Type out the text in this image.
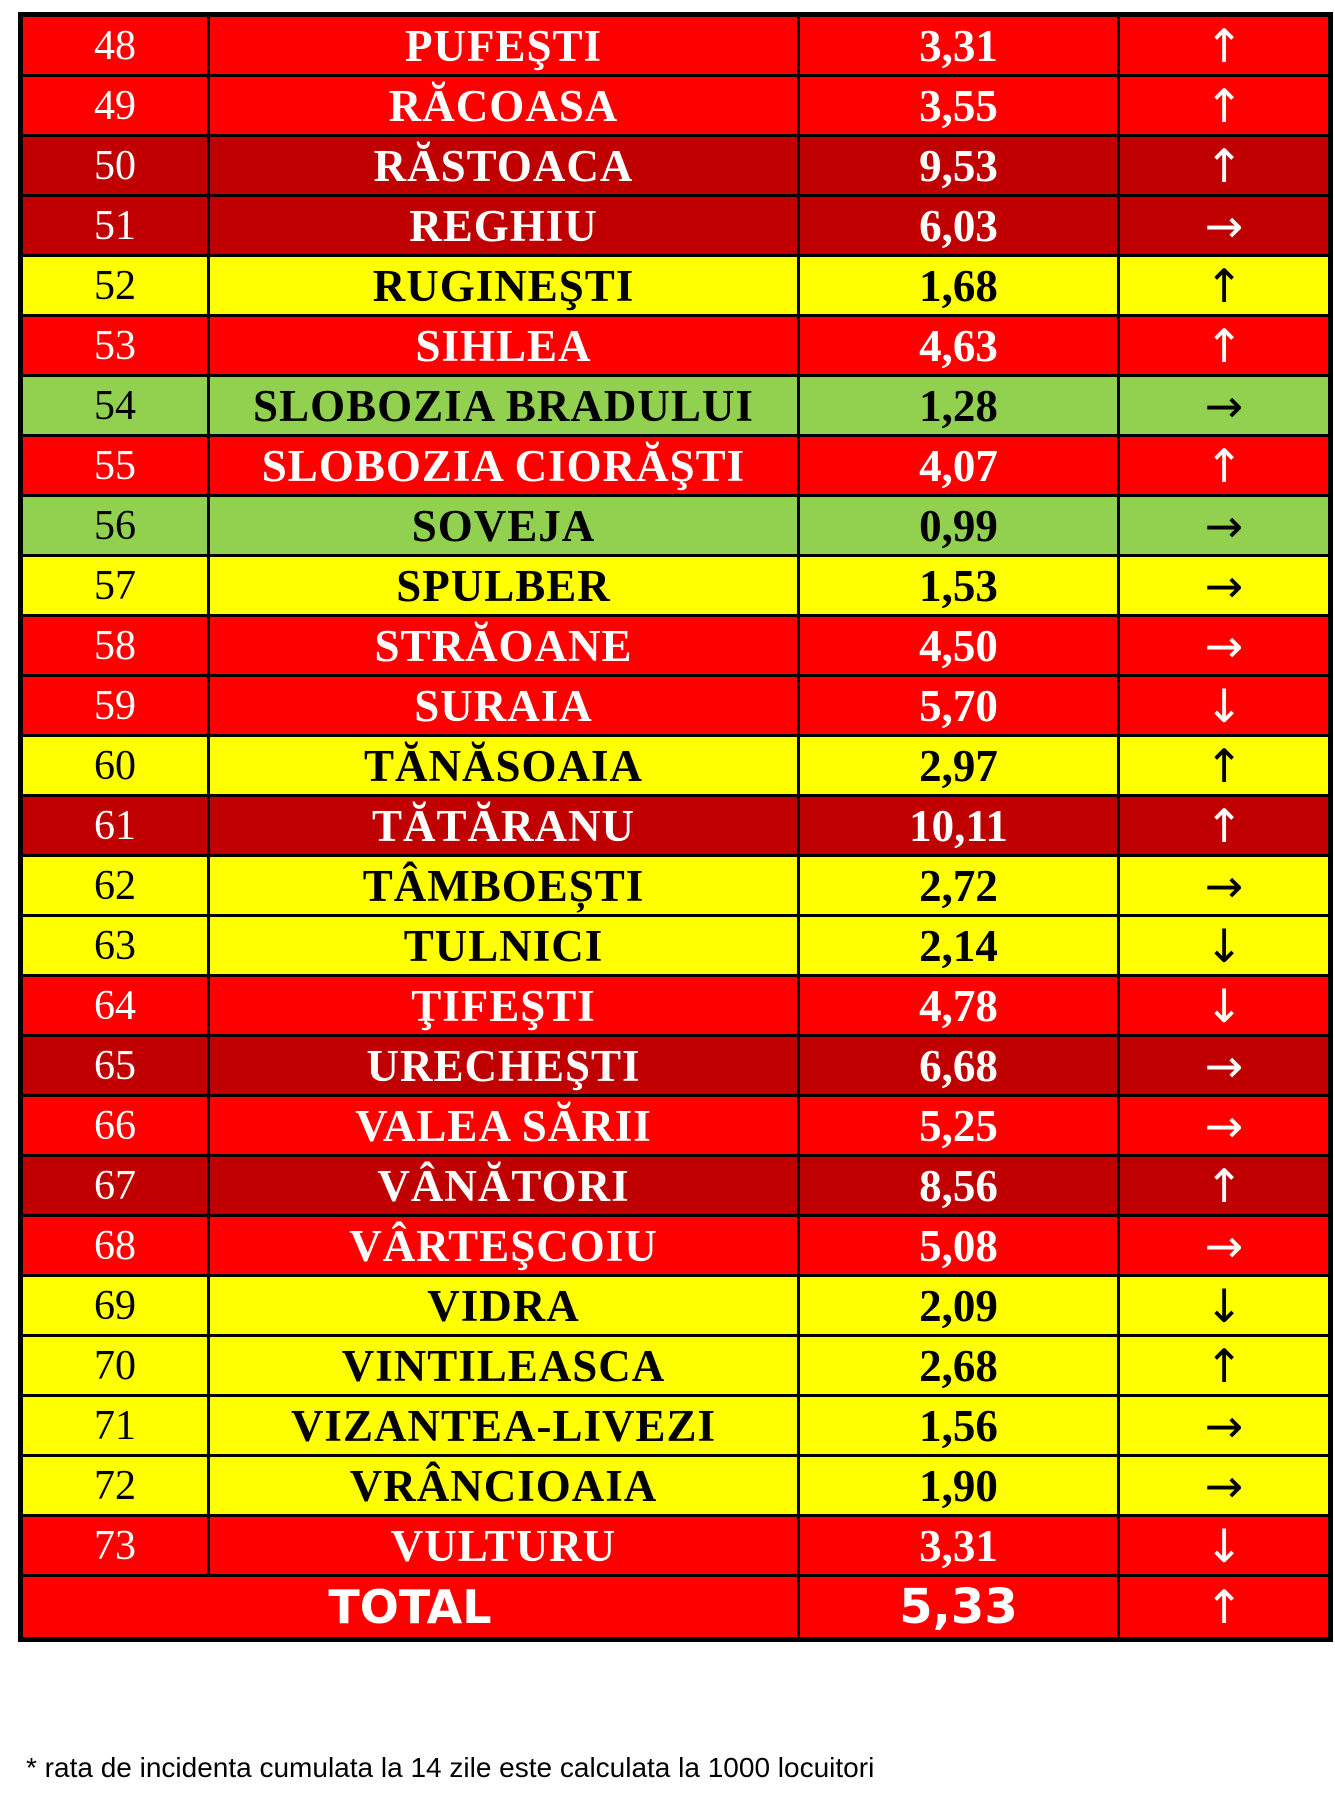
48	PUFEŞTI	3,31	↑
49	RĂCOASA	3,55	↑
50	RĂSTOACA	9,53	↑
51	REGHIU	6,03	→
52	RUGINEŞTI	1,68	↑
53	SIHLEA	4,63	↑
54	SLOBOZIA BRADULUI	1,28	→
55	SLOBOZIA CIORĂŞTI	4,07	↑
56	SOVEJA	0,99	→
57	SPULBER	1,53	→
58	STRĂOANE	4,50	→
59	SURAIA	5,70	↓
60	TĂNĂSOAIA	2,97	↑
61	TĂTĂRANU	10,11	↑
62	TÂMBOEȘTI	2,72	→
63	TULNICI	2,14	↓
64	ŢIFEŞTI	4,78	↓
65	URECHEŞTI	6,68	→
66	VALEA SĂRII	5,25	→
67	VÂNĂTORI	8,56	↑
68	VÂRTEŞCOIU	5,08	→
69	VIDRA	2,09	↓
70	VINTILEASCA	2,68	↑
71	VIZANTEA-LIVEZI	1,56	→
72	VRÂNCIOAIA	1,90	→
73	VULTURU	3,31	↓
TOTAL		5,33	↑
* rata de incidenta cumulata la 14 zile este calculata la 1000 locuitori
